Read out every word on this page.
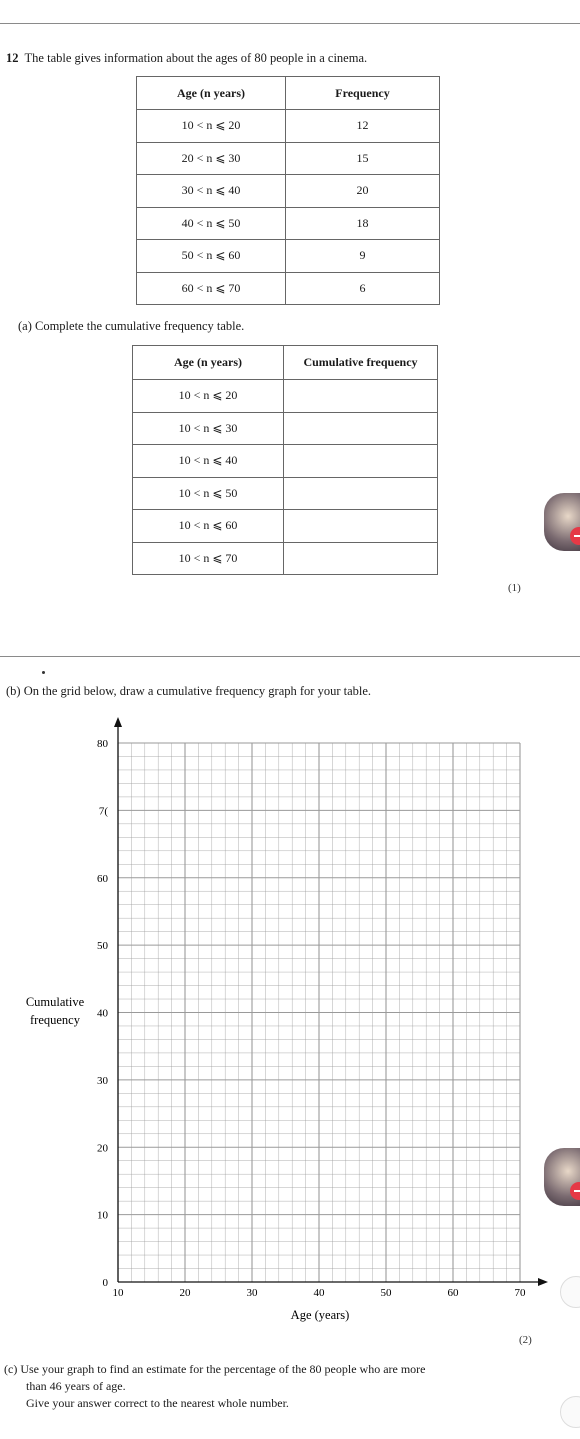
12 The table gives information about the ages of 80 people in a cinema.
Age (n years)	Frequency
10 < n ⩽ 20	12
20 < n ⩽ 30	15
30 < n ⩽ 40	20
40 < n ⩽ 50	18
50 < n ⩽ 60	9
60 < n ⩽ 70	6
(a) Complete the cumulative frequency table.
Age (n years)	Cumulative frequency
10 < n ⩽ 20	
10 < n ⩽ 30	
10 < n ⩽ 40	
10 < n ⩽ 50	
10 < n ⩽ 60	
10 < n ⩽ 70	
(1)
(b) On the grid below, draw a cumulative frequency graph for your table.
10	20	30	40	50	60	70
0
10
20
30
40
50
60
7(
80
Age (years)
Cumulative
frequency
(2)
(c) Use your graph to find an estimate for the percentage of the 80 people who are more
than 46 years of age.
Give your answer correct to the nearest whole number.
